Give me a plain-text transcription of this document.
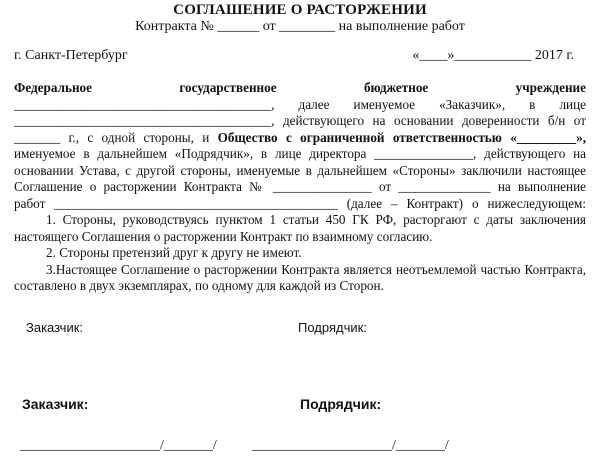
СОГЛАШЕНИЕ О РАСТОРЖЕНИИ
Контракта № ______ от ________ на выполнение работ
г. Санкт-Петербург	«____»___________ 2017 г.

Федеральное	государственное	бюджетное	учреждение

_______________________________________, далее именуемое «Заказчик», в лице

_______________________________________, действующего на основании доверенности б/н от

_______ г., с одной стороны, и Общество с ограниченной ответственностью «_________»,

именуемое в дальнейшем «Подрядчик», в лице директора _______________, действующего на

основании Устава, с другой стороны, именуемые в дальнейшем «Стороны» заключили настоящее

Соглашение о расторжении Контракта № _______________ от ______________ на выполнение

работ ___________________________________________ (далее – Контракт) о нижеследующем:

1. Стороны, руководствуясь пунктом 1 статьи 450 ГК РФ, расторгают с даты заключения настоящего Соглашения о расторжении Контракт по взаимному согласию.

2. Стороны претензий друг к другу не имеют.

3.Настоящее Соглашение о расторжении Контракта является неотъемлемой частью Контракта, составлено в двух экземплярах, по одному для каждой из Сторон.

Заказчик:	Подрядчик:
Заказчик:	Подрядчик:
____________________/_______/	____________________/_______/
